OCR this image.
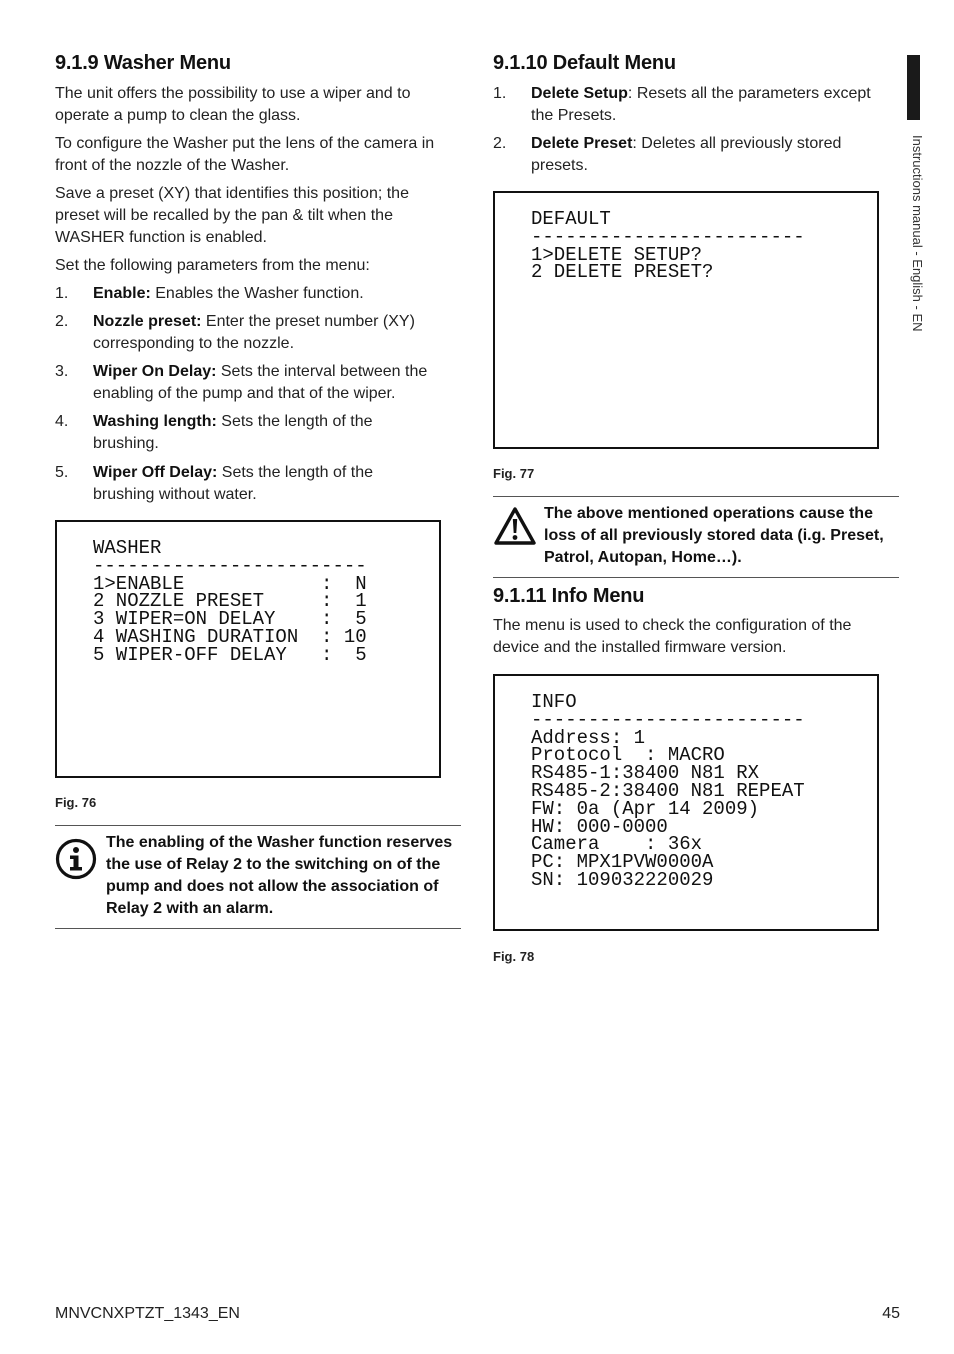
9.1.9 Washer Menu

The unit offers the possibility to use a wiper and to operate a pump to clean the glass.

To configure the Washer put the lens of the camera in front of the nozzle of the Washer.

Save a preset (XY) that identifies this position; the preset will be recalled by the pan & tilt when the WASHER function is enabled.

Set the following parameters from the menu:

1. Enable: Enables the Washer function.
2. Nozzle preset: Enter the preset number (XY) corresponding to the nozzle.
3. Wiper On Delay: Sets the interval between the enabling of the pump and that of the wiper.
4. Washing length: Sets the length of the brushing.
5. Wiper Off Delay: Sets the length of the brushing without water.
WASHER
------------------------
1>ENABLE            :  N
2 NOZZLE PRESET     :  1
3 WIPER=ON DELAY    :  5
4 WASHING DURATION  : 10
5 WIPER-OFF DELAY   :  5
Fig. 76
The enabling of the Washer function reserves the use of Relay 2 to the switching on of the pump and does not allow the association of Relay 2 with an alarm.
9.1.10 Default Menu
1. Delete Setup: Resets all the parameters except the Presets.
2. Delete Preset: Deletes all previously stored presets.
DEFAULT
------------------------
1>DELETE SETUP?
2 DELETE PRESET?
Fig. 77
The above mentioned operations cause the loss of all previously stored data (i.g. Preset, Patrol, Autopan, Home…).
9.1.11 Info Menu

The menu is used to check the configuration of the device and the installed firmware version.

INFO
------------------------
Address: 1
Protocol  : MACRO
RS485-1:38400 N81 RX
RS485-2:38400 N81 REPEAT
FW: 0a (Apr 14 2009)
HW: 000-0000
Camera    : 36x
PC: MPX1PVW0000A
SN: 109032220029
Fig. 78
Instructions manual - English - EN
MNVCNXPTZT_1343_EN	45
